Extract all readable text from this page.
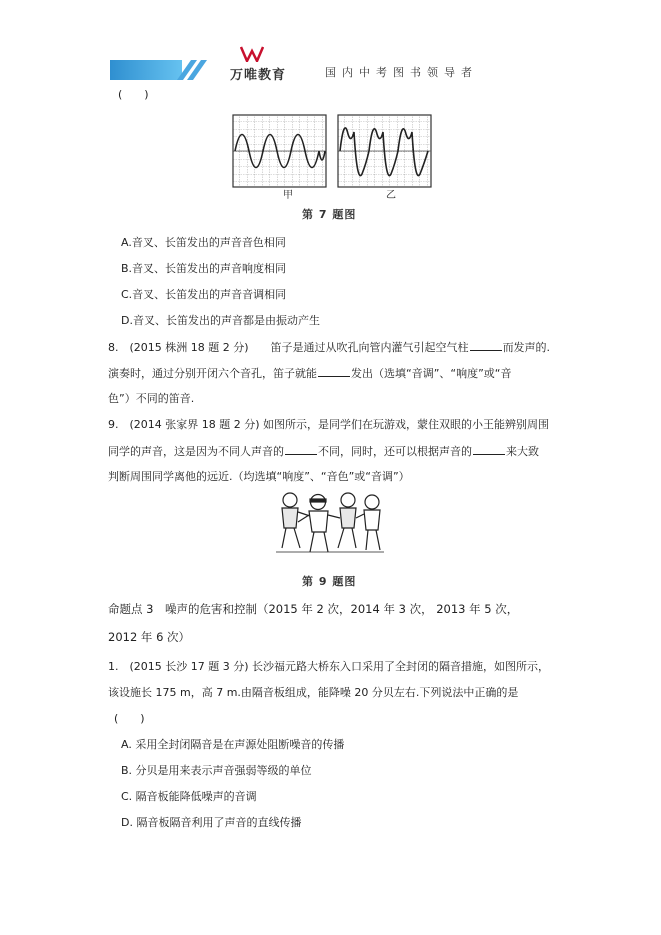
万唯教育	国内中考图书领导者
(　　)
甲	乙
第 7 题图
A.音叉、长笛发出的声音音色相同
B.音叉、长笛发出的声音响度相同
C.音叉、长笛发出的声音音调相同
D.音叉、长笛发出的声音都是由振动产生
8.　(2015 株洲 18 题 2 分)　　笛子是通过从吹孔向管内灌气引起空气柱	而发声的.
演奏时，通过分别开闭六个音孔，笛子就能	发出（选填“音调”、“响度”或“音
色”）不同的笛音.
9.　(2014 张家界 18 题 2 分) 如图所示，是同学们在玩游戏，蒙住双眼的小王能辨别周围
同学的声音，这是因为不同人声音的	不同，同时，还可以根据声音的	来大致
判断周围同学离他的远近.（均选填“响度”、“音色”或“音调”）
第 9 题图
命题点 3　噪声的危害和控制（2015 年 2 次，2014 年 3 次， 2013 年 5 次，
2012 年 6 次）
1.　(2015 长沙 17 题 3 分) 长沙福元路大桥东入口采用了全封闭的隔音措施，如图所示，
该设施长 175 m，高 7 m.由隔音板组成，能降噪 20 分贝左右.下列说法中正确的是
(　　)
A. 采用全封闭隔音是在声源处阻断噪音的传播
B. 分贝是用来表示声音强弱等级的单位
C. 隔音板能降低噪声的音调
D. 隔音板隔音利用了声音的直线传播
